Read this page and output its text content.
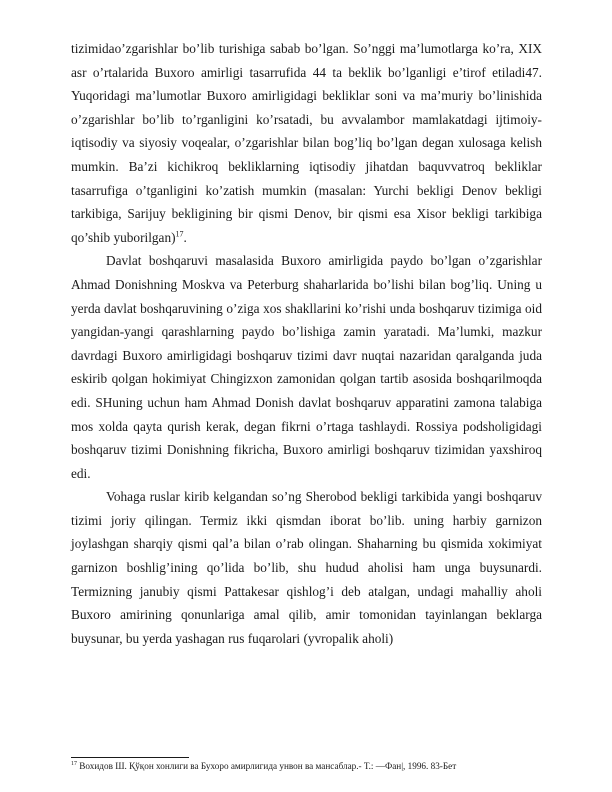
tizimidao’zgarishlar bo’lib turishiga sabab bo’lgan. So’nggi ma’lumotlarga ko’ra, XIX asr o’rtalarida Buxoro amirligi tasarrufida 44 ta beklik bo’lganligi e’tirof etiladi47. Yuqoridagi ma’lumotlar Buxoro amirligidagi bekliklar soni va ma’muriy bo’linishida o’zgarishlar bo’lib to’rganligini ko’rsatadi, bu avvalambor mamlakatdagi ijtimoiy-iqtisodiy va siyosiy voqealar, o’zgarishlar bilan bog’liq bo’lgan degan xulosaga kelish mumkin. Ba’zi kichikroq bekliklarning iqtisodiy jihatdan baquvvatroq bekliklar tasarrufiga o’tganligini ko’zatish mumkin (masalan: Yurchi bekligi Denov bekligi tarkibiga, Sarijuy bekligining bir qismi Denov, bir qismi esa Xisor bekligi tarkibiga qo’shib yuborilgan)$^{17}$.

Davlat boshqaruvi masalasida Buxoro amirligida paydo bo’lgan o’zgarishlar Ahmad Donishning Moskva va Peterburg shaharlarida bo’lishi bilan bog’liq. Uning u yerda davlat boshqaruvining o’ziga xos shakllarini ko’rishi unda boshqaruv tizimiga oid yangidan-yangi qarashlarning paydo bo’lishiga zamin yaratadi. Ma’lumki, mazkur davrdagi Buxoro amirligidagi boshqaruv tizimi davr nuqtai nazaridan qaralganda juda eskirib qolgan hokimiyat Chingizxon zamonidan qolgan tartib asosida boshqarilmoqda edi. SHuning uchun ham Ahmad Donish davlat boshqaruv apparatini zamona talabiga mos xolda qayta qurish kerak, degan fikrni o’rtaga tashlaydi. Rossiya podsholigidagi boshqaruv tizimi Donishning fikricha, Buxoro amirligi boshqaruv tizimidan yaxshiroq edi.

Vohaga ruslar kirib kelgandan so’ng Sherobod bekligi tarkibida yangi boshqaruv tizimi joriy qilingan. Termiz ikki qismdan iborat bo’lib. uning harbiy garnizon joylashgan sharqiy qismi qal’a bilan o’rab olingan. Shaharning bu qismida xokimiyat garnizon boshlig’ining qo’lida bo’lib, shu hudud aholisi ham unga buysunardi. Termizning janubiy qismi Pattakesar qishlog’i deb atalgan, undagi mahalliy aholi Buxoro amirining qonunlariga amal qilib, amir tomonidan tayinlangan beklarga buysunar, bu yerda yashagan rus fuqarolari (yvropalik aholi)

$^{17}$ Вохидов Ш. Қўқон хонлиги ва Бухоро амирлигида унвон ва мансаблар.- Т.: —Фан|, 1996. 83-Бет
